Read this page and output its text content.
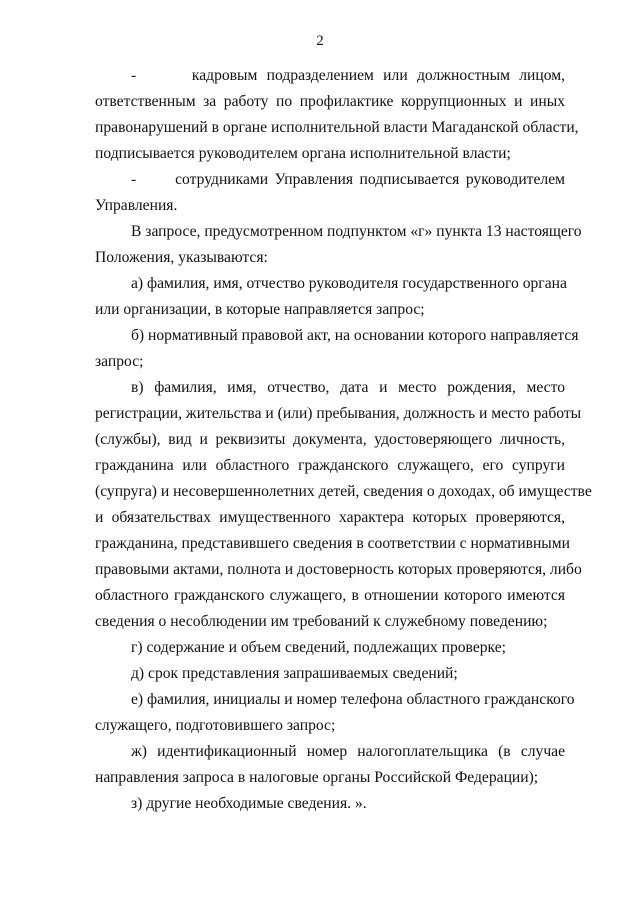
2
-      кадровым подразделением или должностным лицом,
ответственным за работу по профилактике коррупционных и иных
правонарушений в органе исполнительной власти Магаданской области,
подписывается руководителем органа исполнительной власти;
-      сотрудниками Управления подписывается руководителем
Управления.
В запросе, предусмотренном подпунктом «г» пункта 13 настоящего
Положения, указываются:
а) фамилия, имя, отчество руководителя государственного органа
или организации, в которые направляется запрос;
б) нормативный правовой акт, на основании которого направляется
запрос;
в) фамилия, имя, отчество, дата и место рождения, место
регистрации, жительства и (или) пребывания, должность и место работы
(службы), вид и реквизиты документа, удостоверяющего личность,
гражданина или областного гражданского служащего, его супруги
(супруга) и несовершеннолетних детей, сведения о доходах, об имуществе
и обязательствах имущественного характера которых проверяются,
гражданина, представившего сведения в соответствии с нормативными
правовыми актами, полнота и достоверность которых проверяются, либо
областного гражданского служащего, в отношении которого имеются
сведения о несоблюдении им требований к служебному поведению;
г) содержание и объем сведений, подлежащих проверке;
д) срок представления запрашиваемых сведений;
е) фамилия, инициалы и номер телефона областного гражданского
служащего, подготовившего запрос;
ж) идентификационный номер налогоплательщика (в случае
направления запроса в налоговые органы Российской Федерации);
з) другие необходимые сведения. ».
